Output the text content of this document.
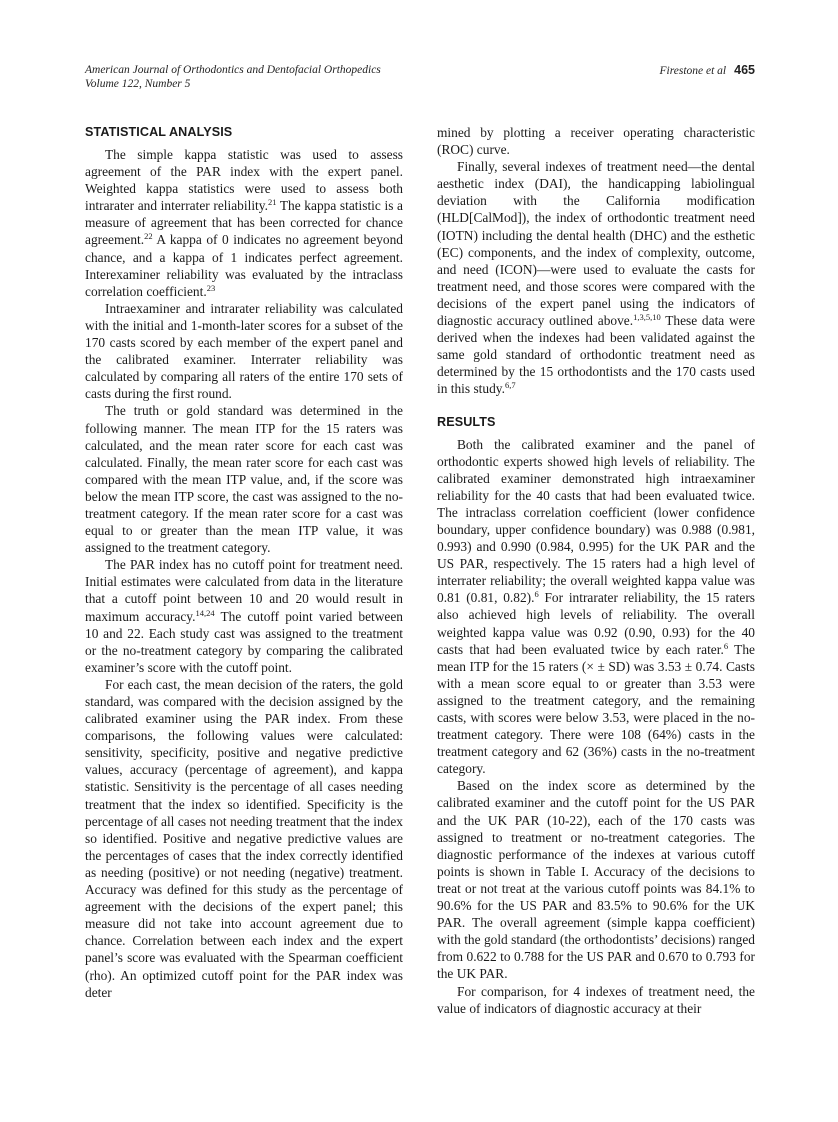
American Journal of Orthodontics and Dentofacial Orthopedics
Volume 122, Number 5
Firestone et al 465
STATISTICAL ANALYSIS

The simple kappa statistic was used to assess agreement of the PAR index with the expert panel. Weighted kappa statistics were used to assess both intrarater and interrater reliability.$^{21}$ The kappa statistic is a measure of agreement that has been corrected for chance agreement.$^{22}$ A kappa of 0 indicates no agreement beyond chance, and a kappa of 1 indicates perfect agreement. Interexaminer reliability was evaluated by the intraclass correlation coefficient.$^{23}$

Intraexaminer and intrarater reliability was calculated with the initial and 1-month-later scores for a subset of the 170 casts scored by each member of the expert panel and the calibrated examiner. Interrater reliability was calculated by comparing all raters of the entire 170 sets of casts during the first round.

The truth or gold standard was determined in the following manner. The mean ITP for the 15 raters was calculated, and the mean rater score for each cast was calculated. Finally, the mean rater score for each cast was compared with the mean ITP value, and, if the score was below the mean ITP score, the cast was assigned to the no-treatment category. If the mean rater score for a cast was equal to or greater than the mean ITP value, it was assigned to the treatment category.

The PAR index has no cutoff point for treatment need. Initial estimates were calculated from data in the literature that a cutoff point between 10 and 20 would result in maximum accuracy.$^{14,24}$ The cutoff point varied between 10 and 22. Each study cast was assigned to the treatment or the no-treatment category by comparing the calibrated examiner’s score with the cutoff point.

For each cast, the mean decision of the raters, the gold standard, was compared with the decision assigned by the calibrated examiner using the PAR index. From these comparisons, the following values were calculated: sensitivity, specificity, positive and negative predictive values, accuracy (percentage of agreement), and kappa statistic. Sensitivity is the percentage of all cases needing treatment that the index so identified. Specificity is the percentage of all cases not needing treatment that the index so identified. Positive and negative predictive values are the percentages of cases that the index correctly identified as needing (positive) or not needing (negative) treatment. Accuracy was defined for this study as the percentage of agreement with the decisions of the expert panel; this measure did not take into account agreement due to chance. Correlation between each index and the expert panel’s score was evaluated with the Spearman coefficient (rho). An optimized cutoff point for the PAR index was deter

mined by plotting a receiver operating characteristic (ROC) curve.

Finally, several indexes of treatment need—the dental aesthetic index (DAI), the handicapping labiolingual deviation with the California modification (HLD[CalMod]), the index of orthodontic treatment need (IOTN) including the dental health (DHC) and the esthetic (EC) components, and the index of complexity, outcome, and need (ICON)—were used to evaluate the casts for treatment need, and those scores were compared with the decisions of the expert panel using the indicators of diagnostic accuracy outlined above.$^{1,3,5,10}$ These data were derived when the indexes had been validated against the same gold standard of orthodontic treatment need as determined by the 15 orthodontists and the 170 casts used in this study.$^{6,7}$

RESULTS

Both the calibrated examiner and the panel of orthodontic experts showed high levels of reliability. The calibrated examiner demonstrated high intraexaminer reliability for the 40 casts that had been evaluated twice. The intraclass correlation coefficient (lower confidence boundary, upper confidence boundary) was 0.988 (0.981, 0.993) and 0.990 (0.984, 0.995) for the UK PAR and the US PAR, respectively. The 15 raters had a high level of interrater reliability; the overall weighted kappa value was 0.81 (0.81, 0.82).$^6$ For intrarater reliability, the 15 raters also achieved high levels of reliability. The overall weighted kappa value was 0.92 (0.90, 0.93) for the 40 casts that had been evaluated twice by each rater.$^6$ The mean ITP for the 15 raters (× ± SD) was 3.53 ± 0.74. Casts with a mean score equal to or greater than 3.53 were assigned to the treatment category, and the remaining casts, with scores were below 3.53, were placed in the no-treatment category. There were 108 (64%) casts in the treatment category and 62 (36%) casts in the no-treatment category.

Based on the index score as determined by the calibrated examiner and the cutoff point for the US PAR and the UK PAR (10-22), each of the 170 casts was assigned to treatment or no-treatment categories. The diagnostic performance of the indexes at various cutoff points is shown in Table I. Accuracy of the decisions to treat or not treat at the various cutoff points was 84.1% to 90.6% for the US PAR and 83.5% to 90.6% for the UK PAR. The overall agreement (simple kappa coefficient) with the gold standard (the orthodontists’ decisions) ranged from 0.622 to 0.788 for the US PAR and 0.670 to 0.793 for the UK PAR.

For comparison, for 4 indexes of treatment need, the value of indicators of diagnostic accuracy at their
